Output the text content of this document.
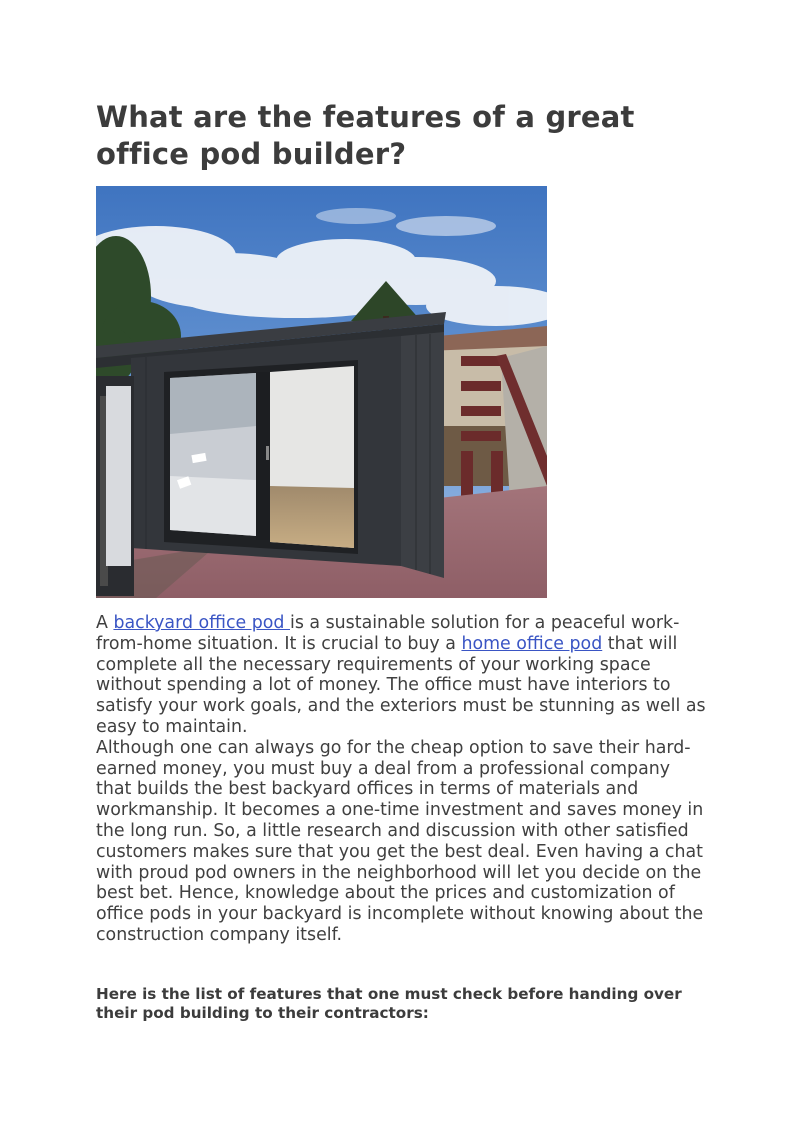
What are the features of a great office pod builder?

A backyard office pod is a sustainable solution for a peaceful work-from-home situation. It is crucial to buy a home office pod that will complete all the necessary requirements of your working space without spending a lot of money. The office must have interiors to satisfy your work goals, and the exteriors must be stunning as well as easy to maintain.

Although one can always go for the cheap option to save their hard-earned money, you must buy a deal from a professional company that builds the best backyard offices in terms of materials and workmanship. It becomes a one-time investment and saves money in the long run. So, a little research and discussion with other satisfied customers makes sure that you get the best deal. Even having a chat with proud pod owners in the neighborhood will let you decide on the best bet. Hence, knowledge about the prices and customization of office pods in your backyard is incomplete without knowing about the construction company itself.

Here is the list of features that one must check before handing over their pod building to their contractors:
